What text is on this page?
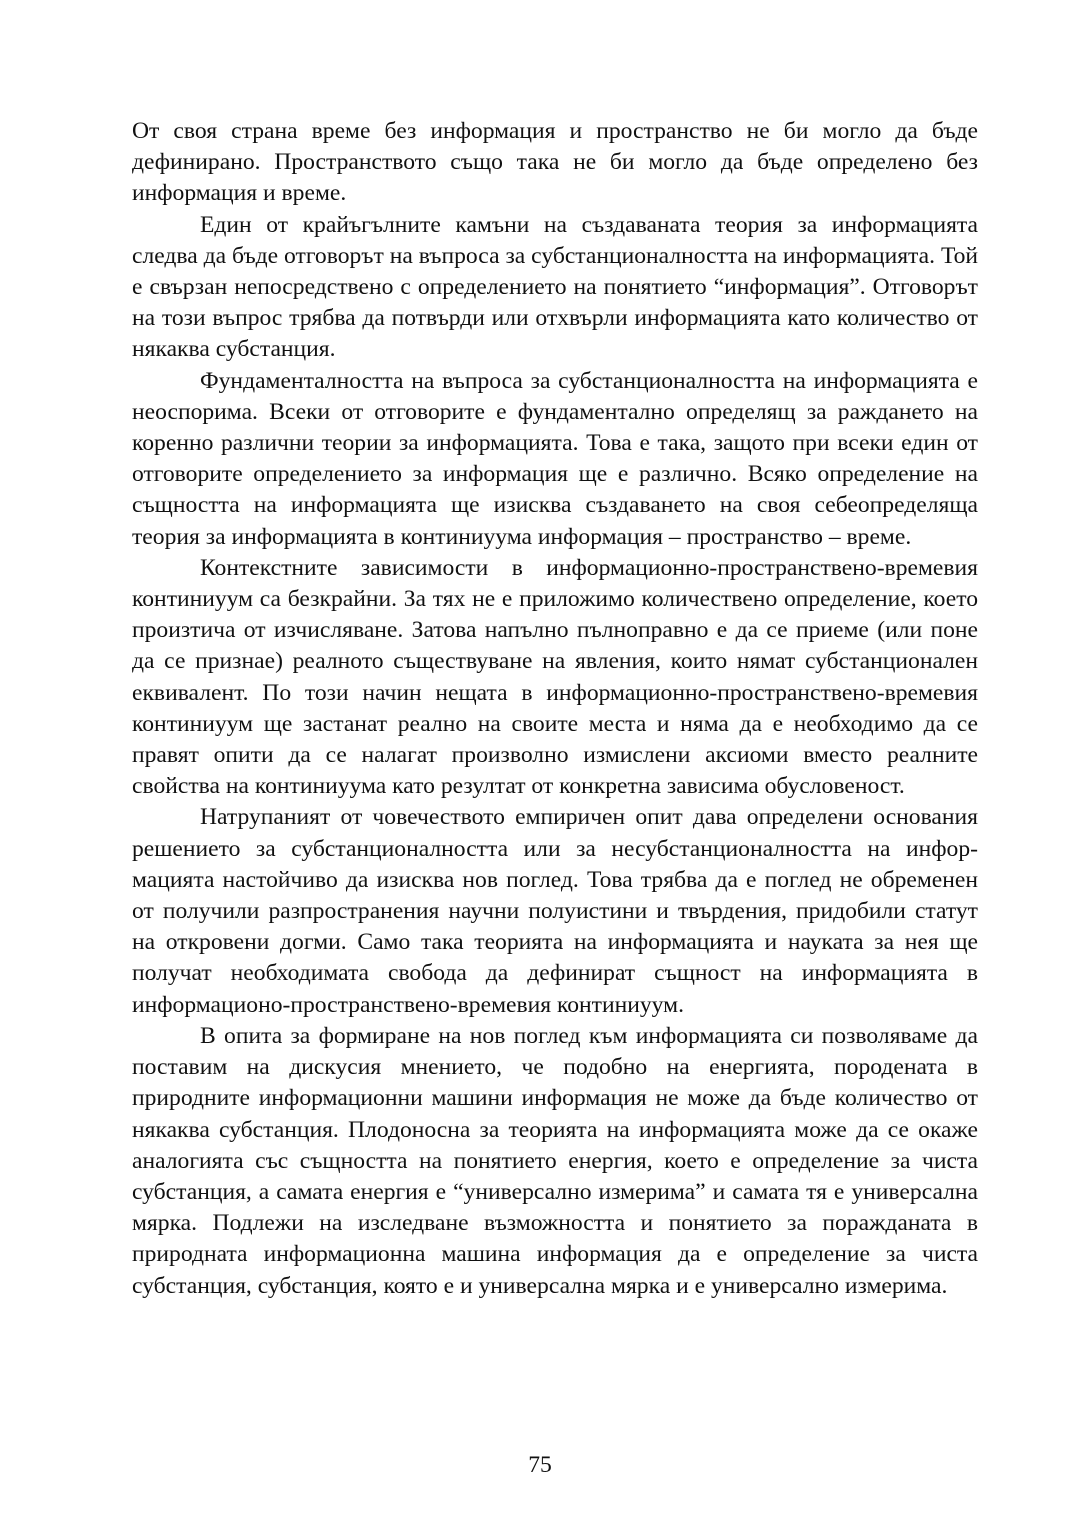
От своя страна време без информация и пространство не би могло да бъде дефинирано. Пространството също така не би могло да бъде определено без информация и време.

Един от крайъгълните камъни на създаваната теория за информацията следва да бъде отговорът на въпроса за субстанционалността на информацията. Той е свързан непосредствено с определението на понятието “информация”. Отговорът на този въпрос трябва да потвърди или отхвърли информацията като количество от някаква субстанция.

Фундаменталността на въпроса за субстанционалността на информацията е неоспорима. Всеки от отговорите е фундаментално определящ за раждането на коренно различни теории за информацията. Това е така, защото при всеки един от отговорите определението за информация ще е различно. Всяко определение на същността на информацията ще изисква създаването на своя себеопределяща теория за информацията в континиуума информация – пространство – време.

Контекстните зависимости в информационно-пространствено-времевия континиуум са безкрайни. За тях не е приложимо количествено определение, което произтича от изчисляване. Затова напълно пълноправно е да се приеме (или поне да се признае) реалното съществуване на явления, които нямат субстанционален еквивалент. По този начин нещата в информационно-пространствено-времевия континиуум ще застанат реално на своите места и няма да е необходимо да се правят опити да се налагат произволно измислени аксиоми вместо реалните свойства на континиуума като резултат от конкретна зависима обусловеност.

Натрупаният от човечеството емпиричен опит дава определени основания решението за субстанционалността или за несубстанционалността на информацията настойчиво да изисква нов поглед. Това трябва да е поглед не обременен от получили разпространения научни полуистини и твърдения, придобили статут на откровени догми. Само така теорията на информацията и науката за нея ще получат необходимата свобода да дефинират същност на информацията в информационо-пространствено-времевия континиуум.

В опита за формиране на нов поглед към информацията си позволяваме да поставим на дискусия мнението, че подобно на енергията, породената в природните информационни машини информация не може да бъде количество от някаква субстанция. Плодоносна за теорията на информацията може да се окаже аналогията със същността на понятието енергия, което е определение за чиста субстанция, а самата енергия е “универсално измерима” и самата тя е универсална мярка. Подлежи на изследване възможността и понятието за поражданата в природната информационна машина информация да е определение за чиста субстанция, субстанция, която е и универсална мярка и е универсално измерима.

75
